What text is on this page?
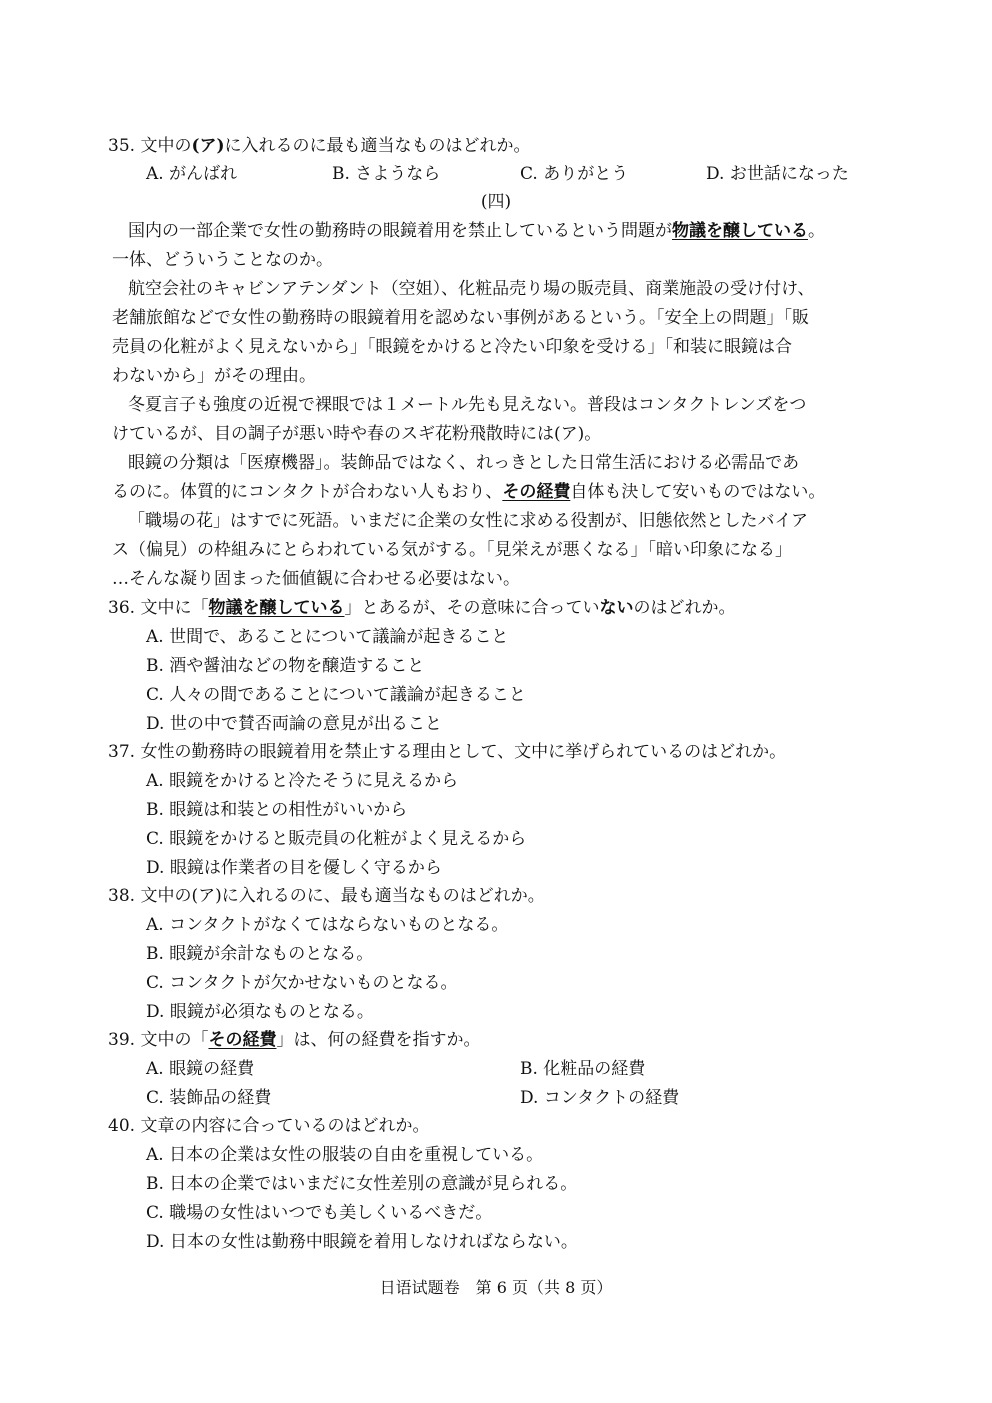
35. 文中の(ア)に入れるのに最も適当なものはどれか。
A. がんばれ	B. さようなら	C. ありがとう	D. お世話になった
(四)
国内の一部企業で女性の勤務時の眼鏡着用を禁止しているという問題が物議を醸している。
一体、どういうことなのか。
航空会社のキャビンアテンダント（空姐）、化粧品売り場の販売員、商業施設の受け付け、
老舗旅館などで女性の勤務時の眼鏡着用を認めない事例があるという。「安全上の問題」「販
売員の化粧がよく見えないから」「眼鏡をかけると冷たい印象を受ける」「和装に眼鏡は合
わないから」がその理由。
冬夏言子も強度の近視で裸眼では１メートル先も見えない。普段はコンタクトレンズをつ
けているが、目の調子が悪い時や春のスギ花粉飛散時には(ア)。
眼鏡の分類は「医療機器」。装飾品ではなく、れっきとした日常生活における必需品であ
るのに。体質的にコンタクトが合わない人もおり、その経費自体も決して安いものではない。
「職場の花」はすでに死語。いまだに企業の女性に求める役割が、旧態依然としたバイア
ス（偏見）の枠組みにとらわれている気がする。「見栄えが悪くなる」「暗い印象になる」
…そんな凝り固まった価値観に合わせる必要はない。
36. 文中に「物議を醸している」とあるが、その意味に合っていないのはどれか。
A. 世間で、あることについて議論が起きること
B. 酒や醤油などの物を醸造すること
C. 人々の間であることについて議論が起きること
D. 世の中で賛否両論の意見が出ること
37. 女性の勤務時の眼鏡着用を禁止する理由として、文中に挙げられているのはどれか。
A. 眼鏡をかけると冷たそうに見えるから
B. 眼鏡は和装との相性がいいから
C. 眼鏡をかけると販売員の化粧がよく見えるから
D. 眼鏡は作業者の目を優しく守るから
38. 文中の(ア)に入れるのに、最も適当なものはどれか。
A. コンタクトがなくてはならないものとなる。
B. 眼鏡が余計なものとなる。
C. コンタクトが欠かせないものとなる。
D. 眼鏡が必須なものとなる。
39. 文中の「その経費」は、何の経費を指すか。
A. 眼鏡の経費	B. 化粧品の経費
C. 装飾品の経費	D. コンタクトの経費
40. 文章の内容に合っているのはどれか。
A. 日本の企業は女性の服装の自由を重視している。
B. 日本の企業ではいまだに女性差別の意識が見られる。
C. 職場の女性はいつでも美しくいるべきだ。
D. 日本の女性は勤務中眼鏡を着用しなければならない。
日语试题卷　第 6 页（共 8 页）
